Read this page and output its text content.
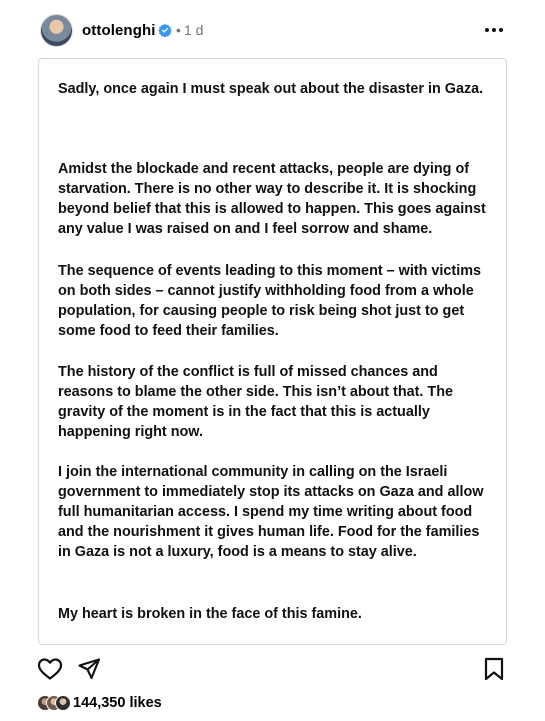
ottolenghi • 1 d

Sadly, once again I must speak out about the disaster in Gaza.

Amidst the blockade and recent attacks, people are dying of starvation. There is no other way to describe it. It is shocking beyond belief that this is allowed to happen. This goes against any value I was raised on and I feel sorrow and shame.

The sequence of events leading to this moment – with victims on both sides – cannot justify withholding food from a whole population, for causing people to risk being shot just to get some food to feed their families.

The history of the conflict is full of missed chances and reasons to blame the other side. This isn’t about that. The gravity of the moment is in the fact that this is actually happening right now.

I join the international community in calling on the Israeli government to immediately stop its attacks on Gaza and allow full humanitarian access. I spend my time writing about food and the nourishment it gives human life. Food for the families in Gaza is not a luxury, food is a means to stay alive.

My heart is broken in the face of this famine.

144,350 likes
